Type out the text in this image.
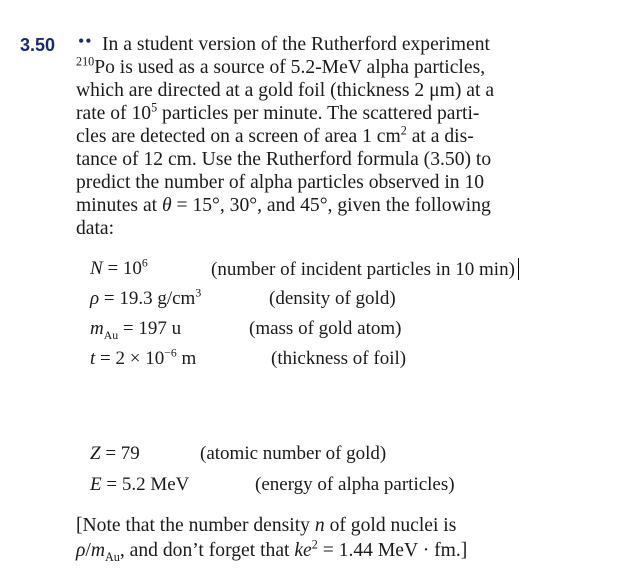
3.50 •• In a student version of the Rutherford experiment
$^{210}$Po is used as a source of 5.2-MeV alpha particles,
which are directed at a gold foil (thickness 2 μm) at a
rate of $10^5$ particles per minute. The scattered parti-
cles are detected on a screen of area 1 $cm^2$ at a dis-
tance of 12 cm. Use the Rutherford formula (3.50) to
predict the number of alpha particles observed in 10
minutes at θ = 15°, 30°, and 45°, given the following
data:
$N = 10^6$	(number of incident particles in 10 min)
ρ = 19.3 $g/cm^3$	(density of gold)
$m_{Au} = 197$ u	(mass of gold atom)
$t = 2 \times 10^{-6}$ m	(thickness of foil)
Z = 79	(atomic number of gold)
E = 5.2 MeV	(energy of alpha particles)
[Note that the number density n of gold nuclei is
$\rho/m_{Au}$, and don’t forget that $ke^2 = 1.44$ MeV · fm.]
